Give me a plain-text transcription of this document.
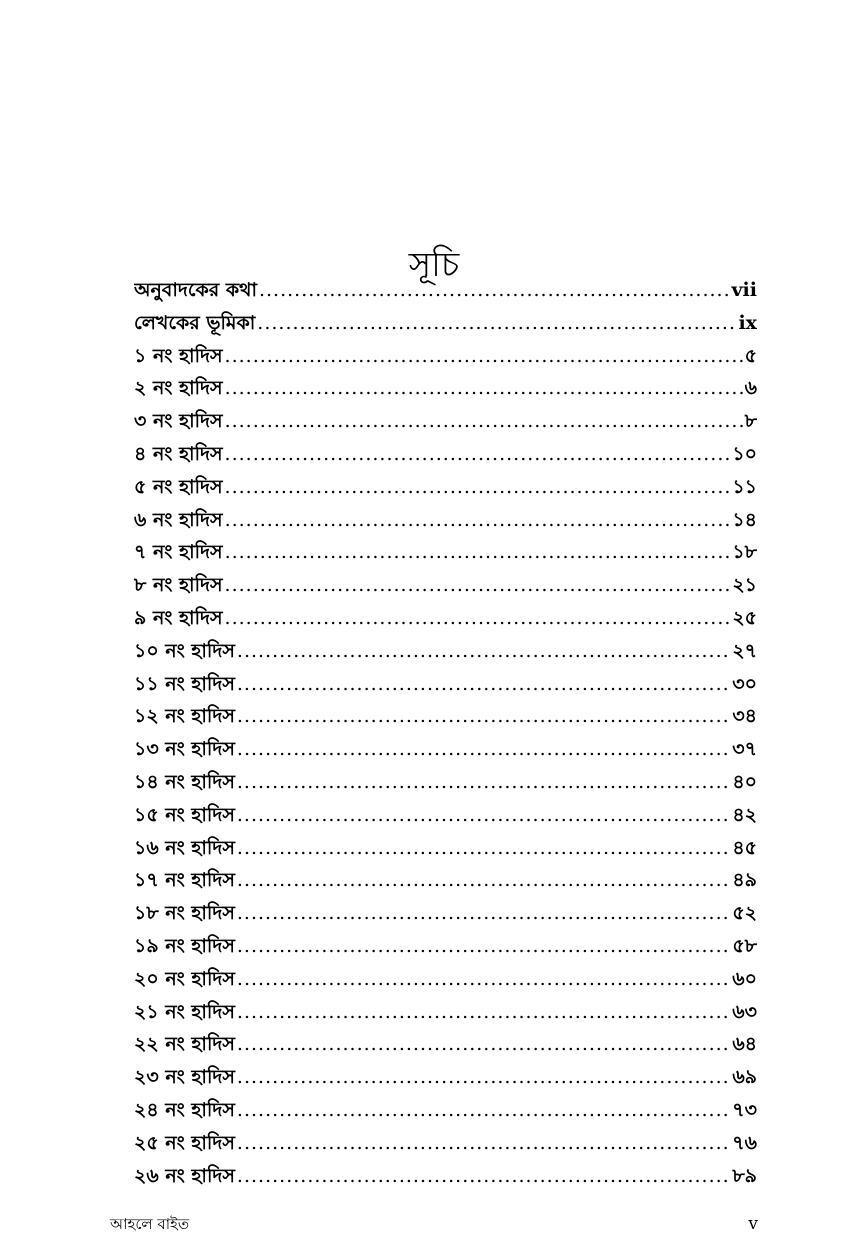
সূচি
অনুবাদকের কথা .....	vii
লেখকের ভূমিকা .....	ix
১ নং হাদিস .....	৫
২ নং হাদিস .....	৬
৩ নং হাদিস .....	৮
৪ নং হাদিস .....	১০
৫ নং হাদিস .....	১১
৬ নং হাদিস .....	১৪
৭ নং হাদিস .....	১৮
৮ নং হাদিস .....	২১
৯ নং হাদিস .....	২৫
১০ নং হাদিস .....	২৭
১১ নং হাদিস .....	৩০
১২ নং হাদিস .....	৩৪
১৩ নং হাদিস .....	৩৭
১৪ নং হাদিস .....	৪০
১৫ নং হাদিস .....	৪২
১৬ নং হাদিস .....	৪৫
১৭ নং হাদিস .....	৪৯
১৮ নং হাদিস .....	৫২
১৯ নং হাদিস .....	৫৮
২০ নং হাদিস .....	৬০
২১ নং হাদিস .....	৬৩
২২ নং হাদিস .....	৬৪
২৩ নং হাদিস .....	৬৯
২৪ নং হাদিস .....	৭৩
২৫ নং হাদিস .....	৭৬
২৬ নং হাদিস .....	৮৯
আহলে বাইত	v
